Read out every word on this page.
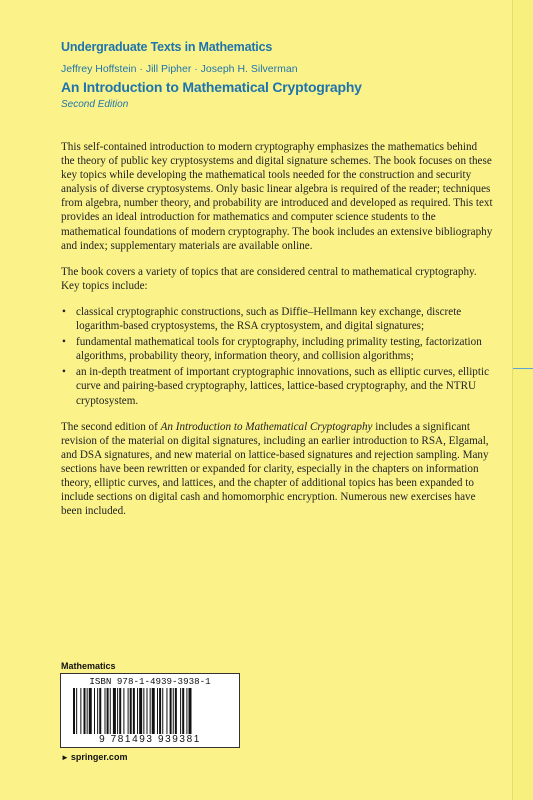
Undergraduate Texts in Mathematics
Jeffrey Hoffstein · Jill Pipher · Joseph H. Silverman
An Introduction to Mathematical Cryptography
Second Edition

This self-contained introduction to modern cryptography emphasizes the mathematics behind the theory of public key cryptosystems and digital signature schemes. The book focuses on these key topics while developing the mathematical tools needed for the construction and security analysis of diverse cryptosystems. Only basic linear algebra is required of the reader; techniques from algebra, number theory, and probability are introduced and developed as required. This text provides an ideal introduction for mathematics and computer science students to the mathematical foundations of modern cryptography. The book includes an extensive bibliography and index; supplementary materials are available online.

The book covers a variety of topics that are considered central to mathematical cryptography. Key topics include:

• classical cryptographic constructions, such as Diffie–Hellmann key exchange, discrete logarithm-based cryptosystems, the RSA cryptosystem, and digital signatures;
• fundamental mathematical tools for cryptography, including primality testing, factorization algorithms, probability theory, information theory, and collision algorithms;
• an in-depth treatment of important cryptographic innovations, such as elliptic curves, elliptic curve and pairing-based cryptography, lattices, lattice-based cryptography, and the NTRU cryptosystem.

The second edition of An Introduction to Mathematical Cryptography includes a significant revision of the material on digital signatures, including an earlier introduction to RSA, Elgamal, and DSA signatures, and new material on lattice-based signatures and rejection sampling. Many sections have been rewritten or expanded for clarity, especially in the chapters on information theory, elliptic curves, and lattices, and the chapter of additional topics has been expanded to include sections on digital cash and homomorphic encryption. Numerous new exercises have been included.

Mathematics
ISBN 978-1-4939-3938-1
9 781493 939381
► springer.com
